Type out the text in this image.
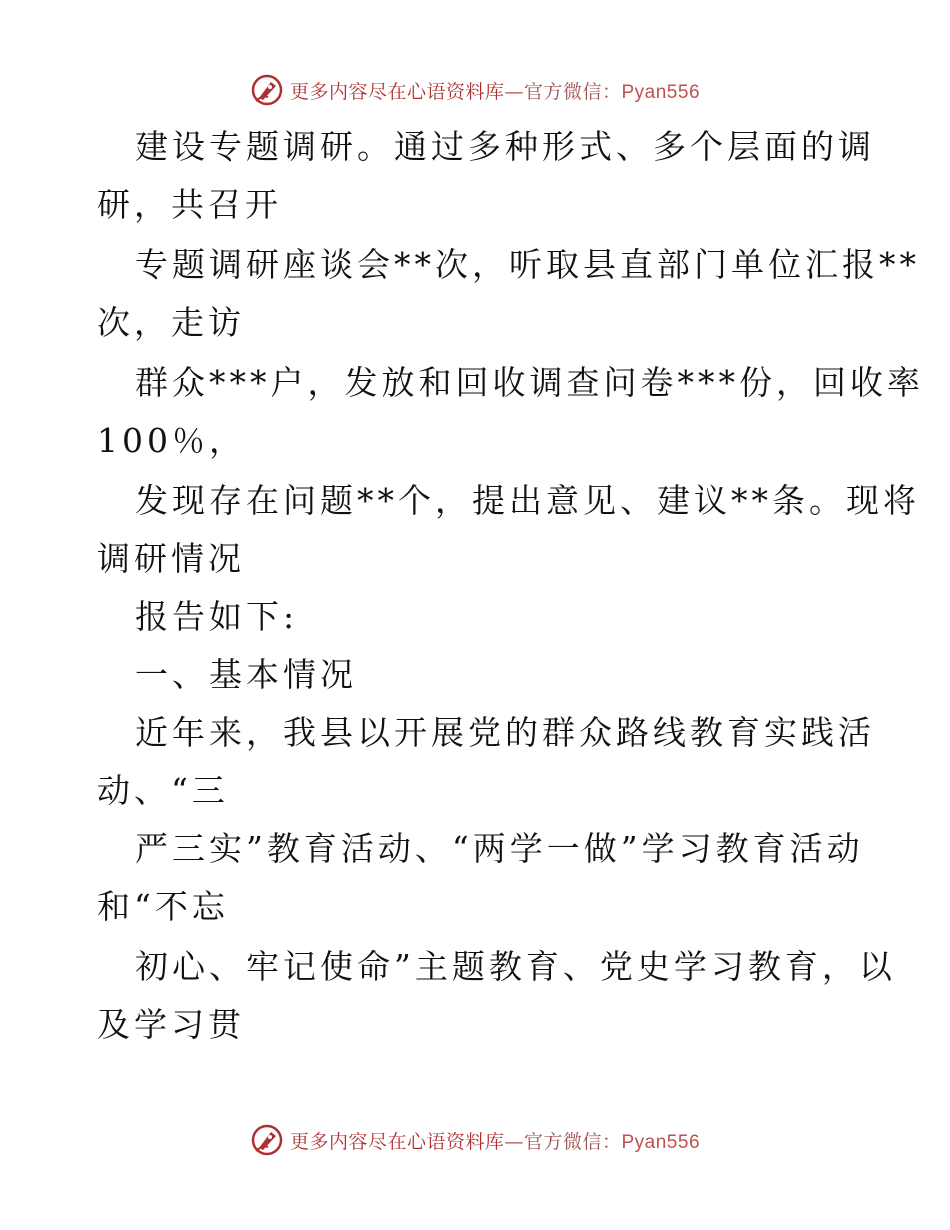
更多内容尽在心语资料库—官方微信：Pyan556
建设专题调研。通过多种形式、多个层面的调
研，共召开
专题调研座谈会**次，听取县直部门单位汇报**
次，走访
群众***户，发放和回收调查问卷***份，回收率
100％，
发现存在问题**个，提出意见、建议**条。现将
调研情况
报告如下:
一、基本情况
近年来，我县以开展党的群众路线教育实践活
动、“三
严三实”教育活动、“两学一做”学习教育活动
和“不忘
初心、牢记使命”主题教育、党史学习教育，以
及学习贯
更多内容尽在心语资料库—官方微信：Pyan556
